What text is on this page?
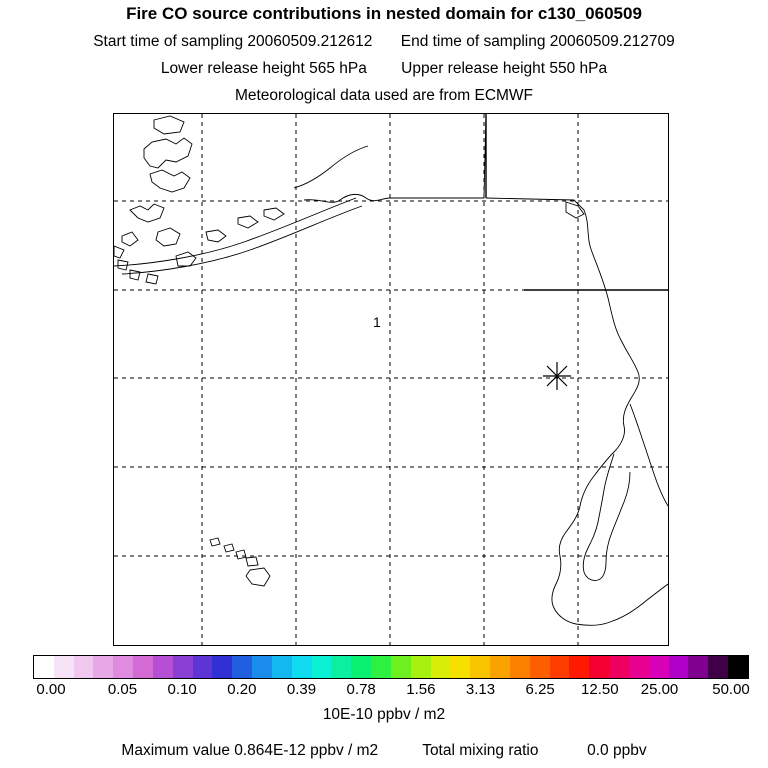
Fire CO source contributions in nested domain for c130_060509
Start time of sampling 20060509.212612 End time of sampling 20060509.212709
Lower release height 565 hPa Upper release height 550 hPa
Meteorological data used are from ECMWF
1
0.00	0.05 0.10 0.20 0.39 0.78 1.56 3.13 6.25 12.50 25.00 50.00
10E-10 ppbv / m2
Maximum value 0.864E-12 ppbv / m2	Total mixing ratio	0.0 ppbv
